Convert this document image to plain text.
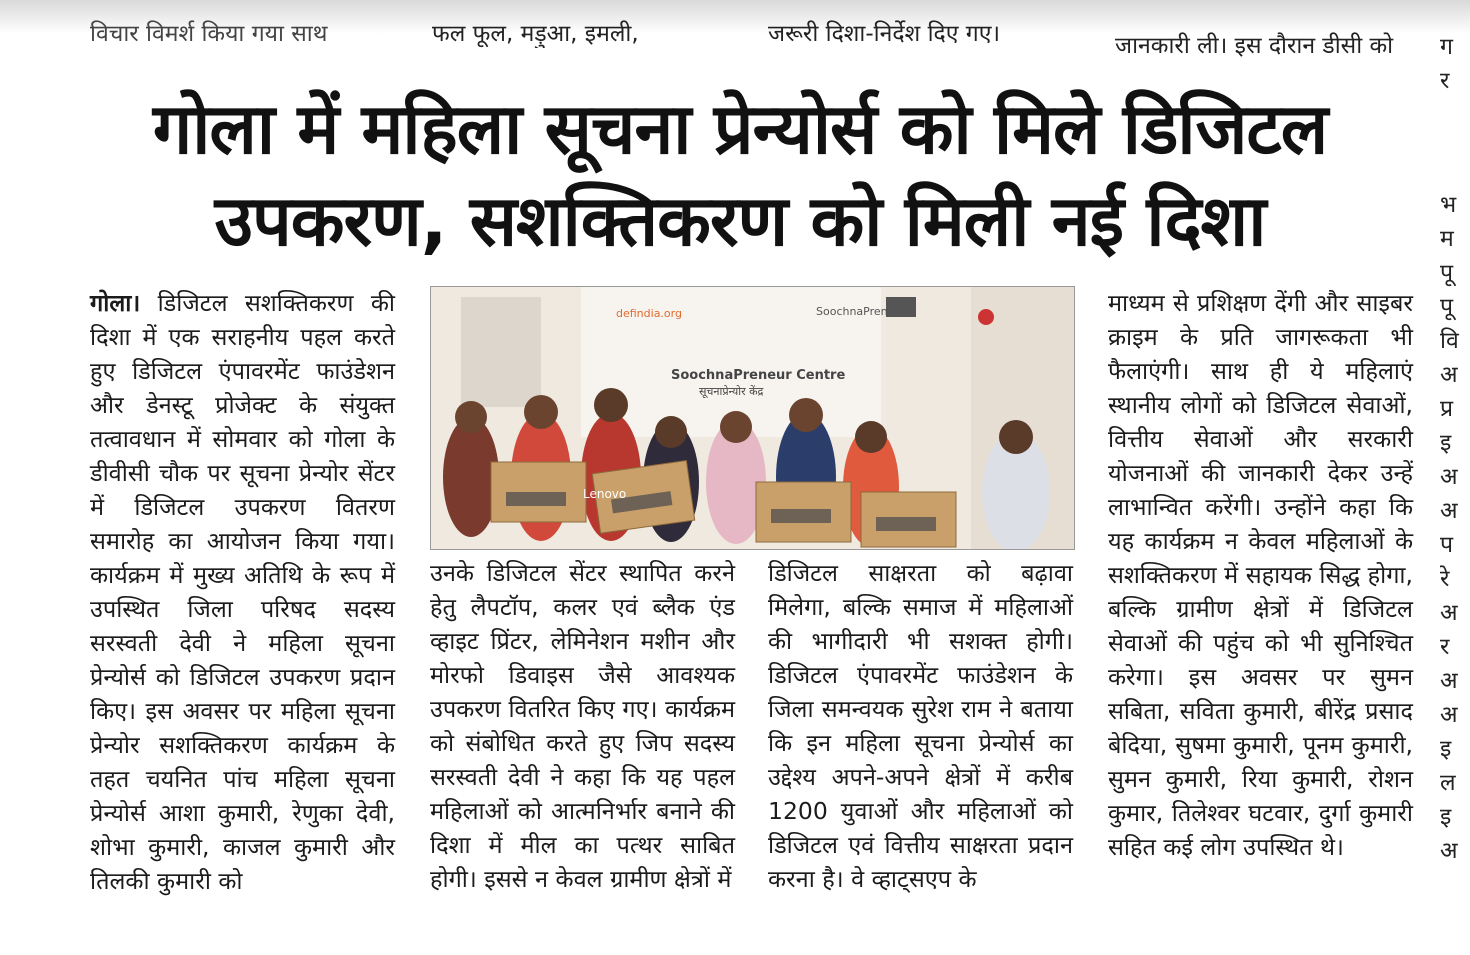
विचार विमर्श किया गया साथ	फल फूल, मड़ुआ, इमली,	जरूरी दिशा-निर्देश दिए गए।	जानकारी ली। इस दौरान डीसी को
गोला में महिला सूचना प्रेन्योर्स को मिले डिजिटल
उपकरण, सशक्तिकरण को मिली नई दिशा

गोला। डिजिटल सशक्तिकरण की दिशा में एक सराहनीय पहल करते हुए डिजिटल एंपावरमेंट फाउंडेशन और डेनस्टू प्रोजेक्ट के संयुक्त तत्वावधान में सोमवार को गोला के डीवीसी चौक पर सूचना प्रेन्योर सेंटर में डिजिटल उपकरण वितरण समारोह का आयोजन किया गया। कार्यक्रम में मुख्य अतिथि के रूप में उपस्थित जिला परिषद सदस्य सरस्वती देवी ने महिला सूचना प्रेन्योर्स को डिजिटल उपकरण प्रदान किए। इस अवसर पर महिला सूचना प्रेन्योर सशक्तिकरण कार्यक्रम के तहत चयनित पांच महिला सूचना प्रेन्योर्स आशा कुमारी, रेणुका देवी, शोभा कुमारी, काजल कुमारी और तिलकी कुमारी को

defindia.org	SoochnaPreneur
SoochnaPreneur Centre
सूचनाप्रेन्योर केंद्र
Lenovo

उनके डिजिटल सेंटर स्थापित करने हेतु लैपटॉप, कलर एवं ब्लैक एंड व्हाइट प्रिंटर, लेमिनेशन मशीन और मोरफो डिवाइस जैसे आवश्यक उपकरण वितरित किए गए। कार्यक्रम को संबोधित करते हुए जिप सदस्य सरस्वती देवी ने कहा कि यह पहल महिलाओं को आत्मनिर्भार बनाने की दिशा में मील का पत्थर साबित होगी। इससे न केवल ग्रामीण क्षेत्रों में

डिजिटल साक्षरता को बढ़ावा मिलेगा, बल्कि समाज में महिलाओं की भागीदारी भी सशक्त होगी। डिजिटल एंपावरमेंट फाउंडेशन के जिला समन्वयक सुरेश राम ने बताया कि इन महिला सूचना प्रेन्योर्स का उद्देश्य अपने-अपने क्षेत्रों में करीब 1200 युवाओं और महिलाओं को डिजिटल एवं वित्तीय साक्षरता प्रदान करना है। वे व्हाट्सएप के

माध्यम से प्रशिक्षण देंगी और साइबर क्राइम के प्रति जागरूकता भी फैलाएंगी। साथ ही ये महिलाएं स्थानीय लोगों को डिजिटल सेवाओं, वित्तीय सेवाओं और सरकारी योजनाओं की जानकारी देकर उन्हें लाभान्वित करेंगी। उन्होंने कहा कि यह कार्यक्रम न केवल महिलाओं के सशक्तिकरण में सहायक सिद्ध होगा, बल्कि ग्रामीण क्षेत्रों में डिजिटल सेवाओं की पहुंच को भी सुनिश्चित करेगा। इस अवसर पर सुमन सबिता, सविता कुमारी, बीरेंद्र प्रसाद बेदिया, सुषमा कुमारी, पूनम कुमारी, सुमन कुमारी, रिया कुमारी, रोशन कुमार, तिलेश्वर घटवार, दुर्गा कुमारी सहित कई लोग उपस्थित थे।

ग
र
भ
म
पू
पू
वि
अ
प्र
इ
अ
अ
प
रे
अ
र
अ
अ
इ
ल
इ
अ
